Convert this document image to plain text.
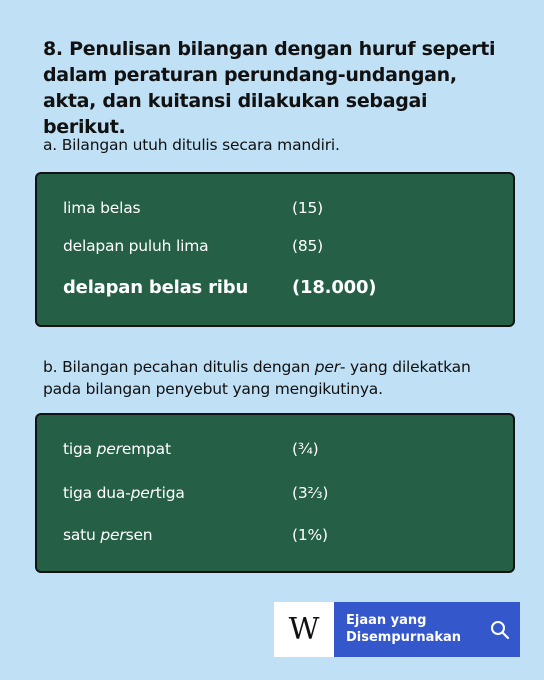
8. Penulisan bilangan dengan huruf seperti dalam peraturan perundang-undangan, akta, dan kuitansi dilakukan sebagai berikut.

a. Bilangan utuh ditulis secara mandiri.

lima belas	(15)
delapan puluh lima	(85)
delapan belas ribu (18.000)

b. Bilangan pecahan ditulis dengan per- yang dilekatkan pada bilangan penyebut yang mengikutinya.

tiga perempat	(¾)
tiga dua-pertiga	(3⅔)
satu persen	(1%)
W	Ejaan yang
Disempurnakan
